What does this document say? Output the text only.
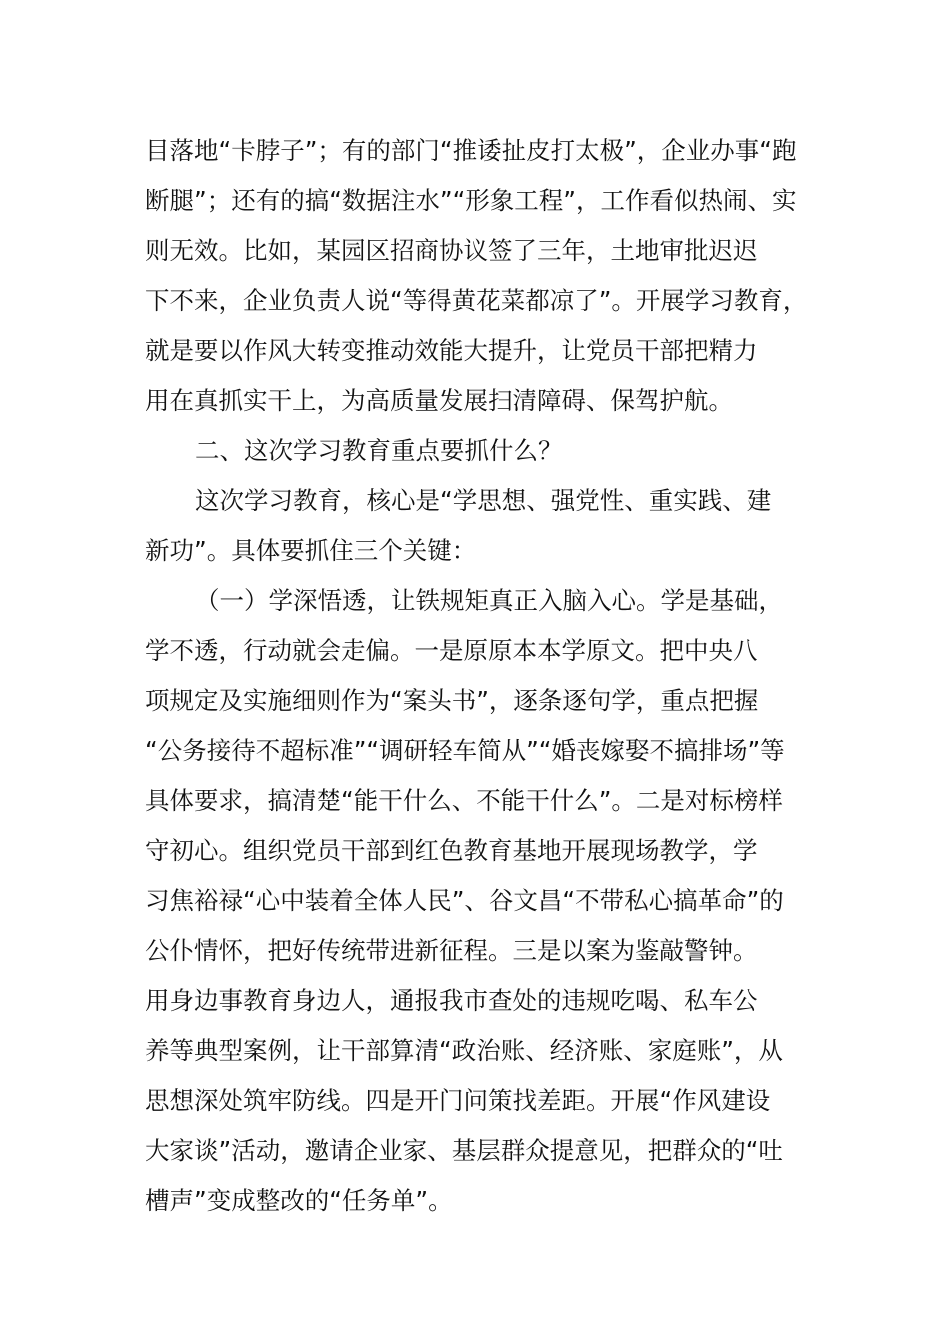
目落地“卡脖子”；有的部门“推诿扯皮打太极”，企业办事“跑
断腿”；还有的搞“数据注水”“形象工程”，工作看似热闹、实
则无效。比如，某园区招商协议签了三年，土地审批迟迟
下不来，企业负责人说“等得黄花菜都凉了”。开展学习教育，
就是要以作风大转变推动效能大提升，让党员干部把精力
用在真抓实干上，为高质量发展扫清障碍、保驾护航。
二、这次学习教育重点要抓什么？
这次学习教育，核心是“学思想、强党性、重实践、建
新功”。具体要抓住三个关键：
（一）学深悟透，让铁规矩真正入脑入心。学是基础，
学不透，行动就会走偏。一是原原本本学原文。把中央八
项规定及实施细则作为“案头书”，逐条逐句学，重点把握
“公务接待不超标准”“调研轻车简从”“婚丧嫁娶不搞排场”等
具体要求，搞清楚“能干什么、不能干什么”。二是对标榜样
守初心。组织党员干部到红色教育基地开展现场教学，学
习焦裕禄“心中装着全体人民”、谷文昌“不带私心搞革命”的
公仆情怀，把好传统带进新征程。三是以案为鉴敲警钟。
用身边事教育身边人，通报我市查处的违规吃喝、私车公
养等典型案例，让干部算清“政治账、经济账、家庭账”，从
思想深处筑牢防线。四是开门问策找差距。开展“作风建设
大家谈”活动，邀请企业家、基层群众提意见，把群众的“吐
槽声”变成整改的“任务单”。
